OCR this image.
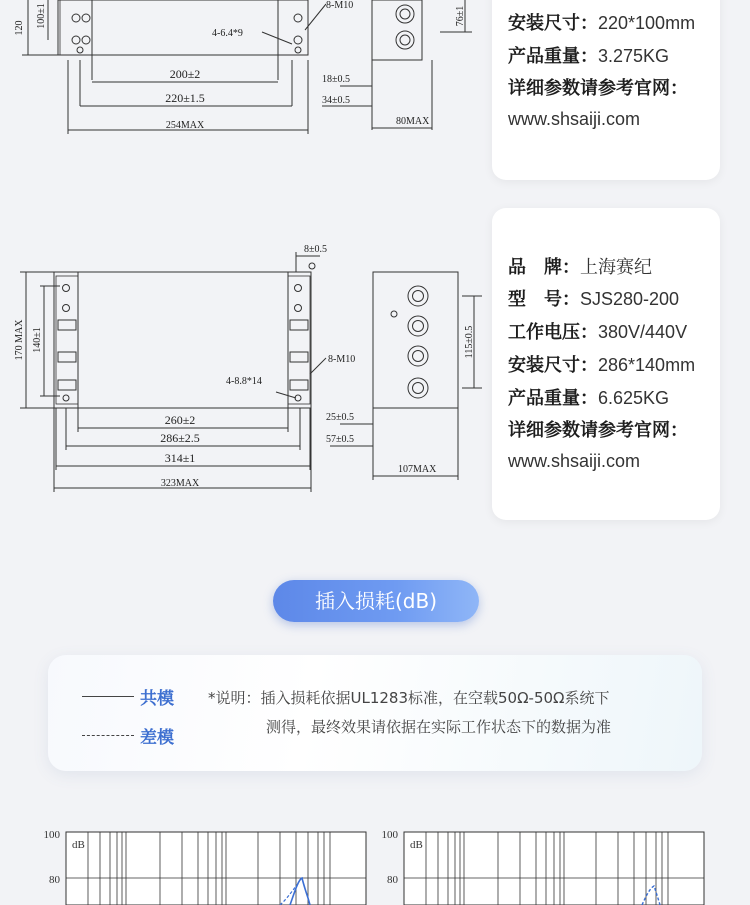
120 100±1
4-6.4*9
8-M10
200±2
220±1.5
254MAX
18±0.5
34±0.5
80MAX
76±1
170 MAX 140±1
4-8.8*14
8-M10
260±2
286±2.5
314±1
323MAX
8±0.5
25±0.5
57±0.5
107MAX
115±0.5
安装尺寸：220*100mm
产品重量：3.275KG
详细参数请参考官网：
www.shsaiji.com
品　牌：上海赛纪
型　号：SJS280-200
工作电压：380V/440V
安装尺寸：286*140mm
产品重量：6.625KG
详细参数请参考官网：
www.shsaiji.com
插入损耗(dB)
共模
差模
*说明：插入损耗依据UL1283标准，在空载50Ω-50Ω系统下
测得，最终效果请依据在实际工作状态下的数据为准
100
80
dB
100
80
dB
